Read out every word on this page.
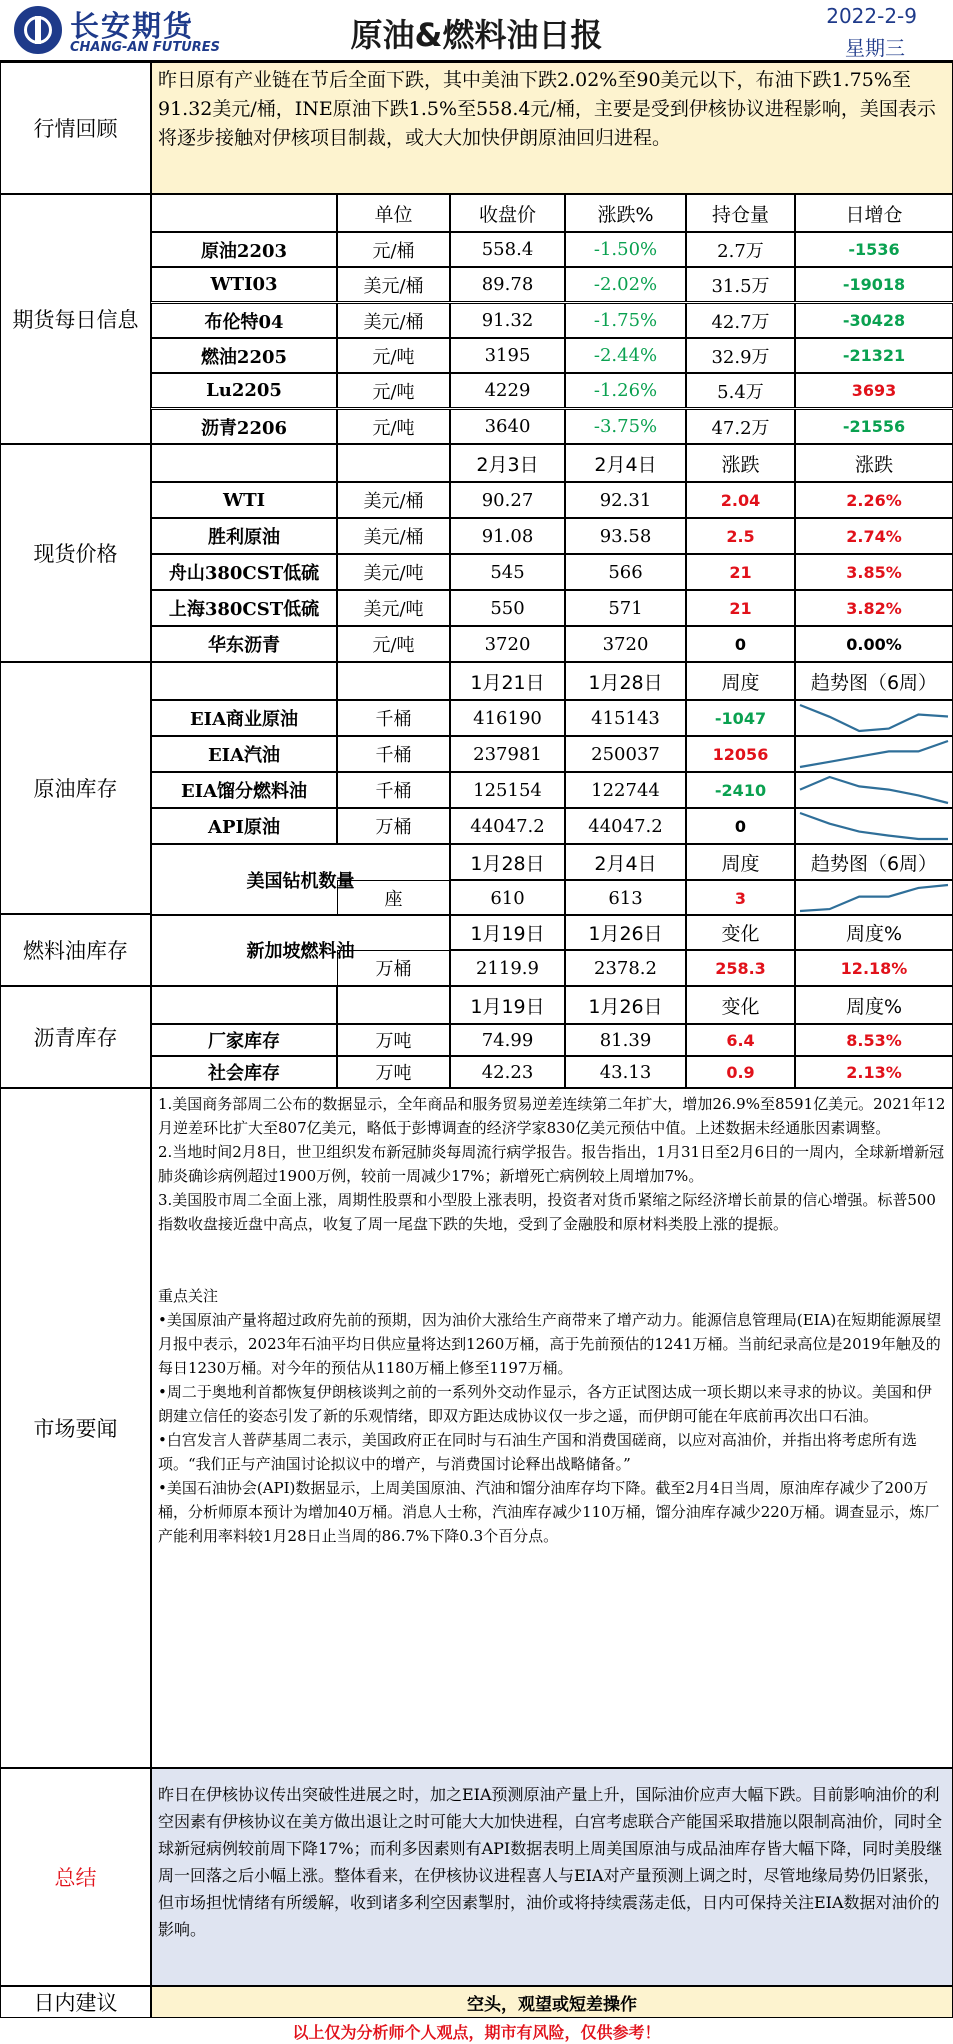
长安期货
CHANG-AN FUTURES	原油&燃料油日报	2022-2-9
星期三
行情回顾
昨日原有产业链在节后全面下跌，其中美油下跌2.02%至90美元以下，布油下跌1.75%至91.32美元/桶，INE原油下跌1.5%至558.4元/桶，主要是受到伊核协议进程影响，美国表示将逐步接触对伊核项目制裁，或大大加快伊朗原油回归进程。
期货每日信息
现货价格
原油库存
燃料油库存
沥青库存
市场要闻

1.美国商务部周二公布的数据显示，全年商品和服务贸易逆差连续第二年扩大，增加26.9%至8591亿美元。2021年12月逆差环比扩大至807亿美元，略低于彭博调查的经济学家830亿美元预估中值。上述数据未经通胀因素调整。

2.当地时间2月8日，世卫组织发布新冠肺炎每周流行病学报告。报告指出，1月31日至2月6日的一周内，全球新增新冠肺炎确诊病例超过1900万例，较前一周减少17%；新增死亡病例较上周增加7%。

3.美国股市周二全面上涨，周期性股票和小型股上涨表明，投资者对货币紧缩之际经济增长前景的信心增强。标普500指数收盘接近盘中高点，收复了周一尾盘下跌的失地，受到了金融股和原材料类股上涨的提振。

重点关注

•美国原油产量将超过政府先前的预期，因为油价大涨给生产商带来了增产动力。能源信息管理局(EIA)在短期能源展望月报中表示，2023年石油平均日供应量将达到1260万桶，高于先前预估的1241万桶。当前纪录高位是2019年触及的每日1230万桶。对今年的预估从1180万桶上修至1197万桶。

•周二于奥地利首都恢复伊朗核谈判之前的一系列外交动作显示，各方正试图达成一项长期以来寻求的协议。美国和伊朗建立信任的姿态引发了新的乐观情绪，即双方距达成协议仅一步之遥，而伊朗可能在年底前再次出口石油。

•白宫发言人普萨基周二表示，美国政府正在同时与石油生产国和消费国磋商，以应对高油价，并指出将考虑所有选项。“我们正与产油国讨论拟议中的增产，与消费国讨论释出战略储备。”

•美国石油协会(API)数据显示，上周美国原油、汽油和馏分油库存均下降。截至2月4日当周，原油库存减少了200万桶，分析师原本预计为增加40万桶。消息人士称，汽油库存减少110万桶，馏分油库存减少220万桶。调查显示，炼厂产能利用率料较1月28日止当周的86.7%下降0.3个百分点。

总结
昨日在伊核协议传出突破性进展之时，加之EIA预测原油产量上升，国际油价应声大幅下跌。目前影响油价的利空因素有伊核协议在美方做出退让之时可能大大加快进程，白宫考虑联合产能国采取措施以限制高油价，同时全球新冠病例较前周下降17%；而利多因素则有API数据表明上周美国原油与成品油库存皆大幅下降，同时美股继周一回落之后小幅上涨。整体看来，在伊核协议进程喜人与EIA对产量预测上调之时，尽管地缘局势仍旧紧张，但市场担忧情绪有所缓解，收到诸多利空因素掣肘，油价或将持续震荡走低，日内可保持关注EIA数据对油价的影响。
日内建议	空头，观望或短差操作
以上仅为分析师个人观点，期市有风险，仅供参考！
单位	收盘价	涨跌%	持仓量	日增仓
原油2203	元/桶	558.4	-1.50%	2.7万	-1536
WTI03	美元/桶	89.78	-2.02%	31.5万	-19018
布伦特04	美元/桶	91.32	-1.75%	42.7万	-30428
燃油2205	元/吨	3195	-2.44%	32.9万	-21321
Lu2205	元/吨	4229	-1.26%	5.4万	3693
沥青2206	元/吨	3640	-3.75%	47.2万	-21556
2月3日	2月4日	涨跌	涨跌
WTI	美元/桶	90.27	92.31	2.04	2.26%
胜利原油	美元/桶	91.08	93.58	2.5	2.74%
舟山380CST低硫	美元/吨	545	566	21	3.85%
上海380CST低硫	美元/吨	550	571	21	3.82%
华东沥青	元/吨	3720	3720	0	0.00%
1月21日	1月28日	周度	趋势图（6周）
EIA商业原油	千桶	416190	415143	-1047
EIA汽油	千桶	237981	250037	12056
EIA馏分燃料油	千桶	125154	122744	-2410
API原油	万桶	44047.2	44047.2	0
美国钻机数量
1月28日	2月4日	周度	趋势图（6周）
座	610	613	3
新加坡燃料油
1月19日	1月26日	变化	周度%
万桶	2119.9	2378.2	258.3	12.18%
1月19日	1月26日	变化	周度%
厂家库存	万吨	74.99	81.39	6.4	8.53%
社会库存	万吨	42.23	43.13	0.9	2.13%
